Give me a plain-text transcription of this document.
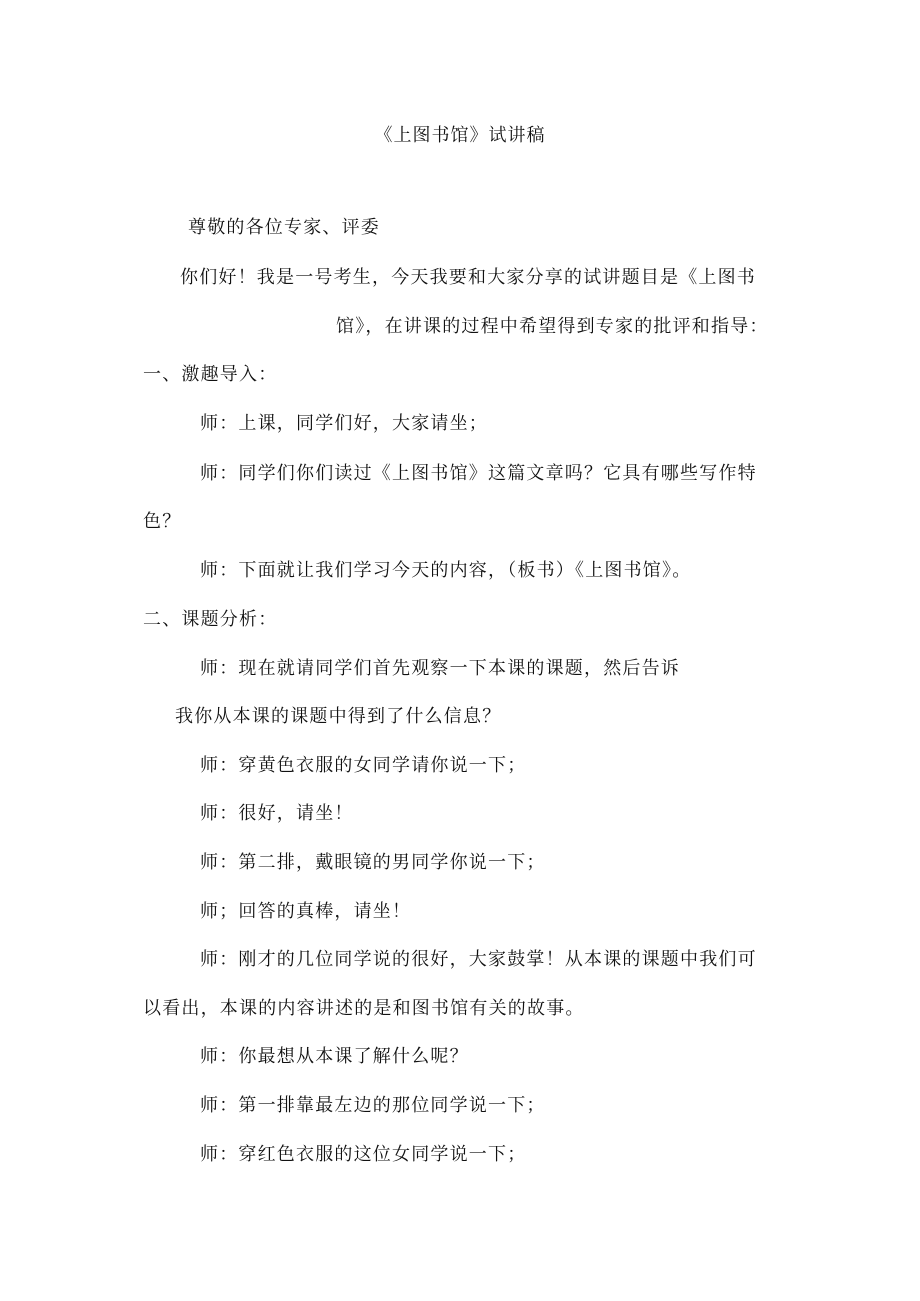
《上图书馆》试讲稿
尊敬的各位专家、评委
你们好！我是一号考生，今天我要和大家分享的试讲题目是《上图书
馆》，在讲课的过程中希望得到专家的批评和指导：
一、激趣导入：
师：上课，同学们好，大家请坐；
师：同学们你们读过《上图书馆》这篇文章吗？它具有哪些写作特
色？
师：下面就让我们学习今天的内容，（板书）《上图书馆》。
二、课题分析：
师：现在就请同学们首先观察一下本课的课题，然后告诉
我你从本课的课题中得到了什么信息？
师：穿黄色衣服的女同学请你说一下；
师：很好，请坐！
师：第二排，戴眼镜的男同学你说一下；
师；回答的真棒，请坐！
师：刚才的几位同学说的很好，大家鼓掌！从本课的课题中我们可
以看出，本课的内容讲述的是和图书馆有关的故事。
师：你最想从本课了解什么呢？
师：第一排靠最左边的那位同学说一下；
师：穿红色衣服的这位女同学说一下；
